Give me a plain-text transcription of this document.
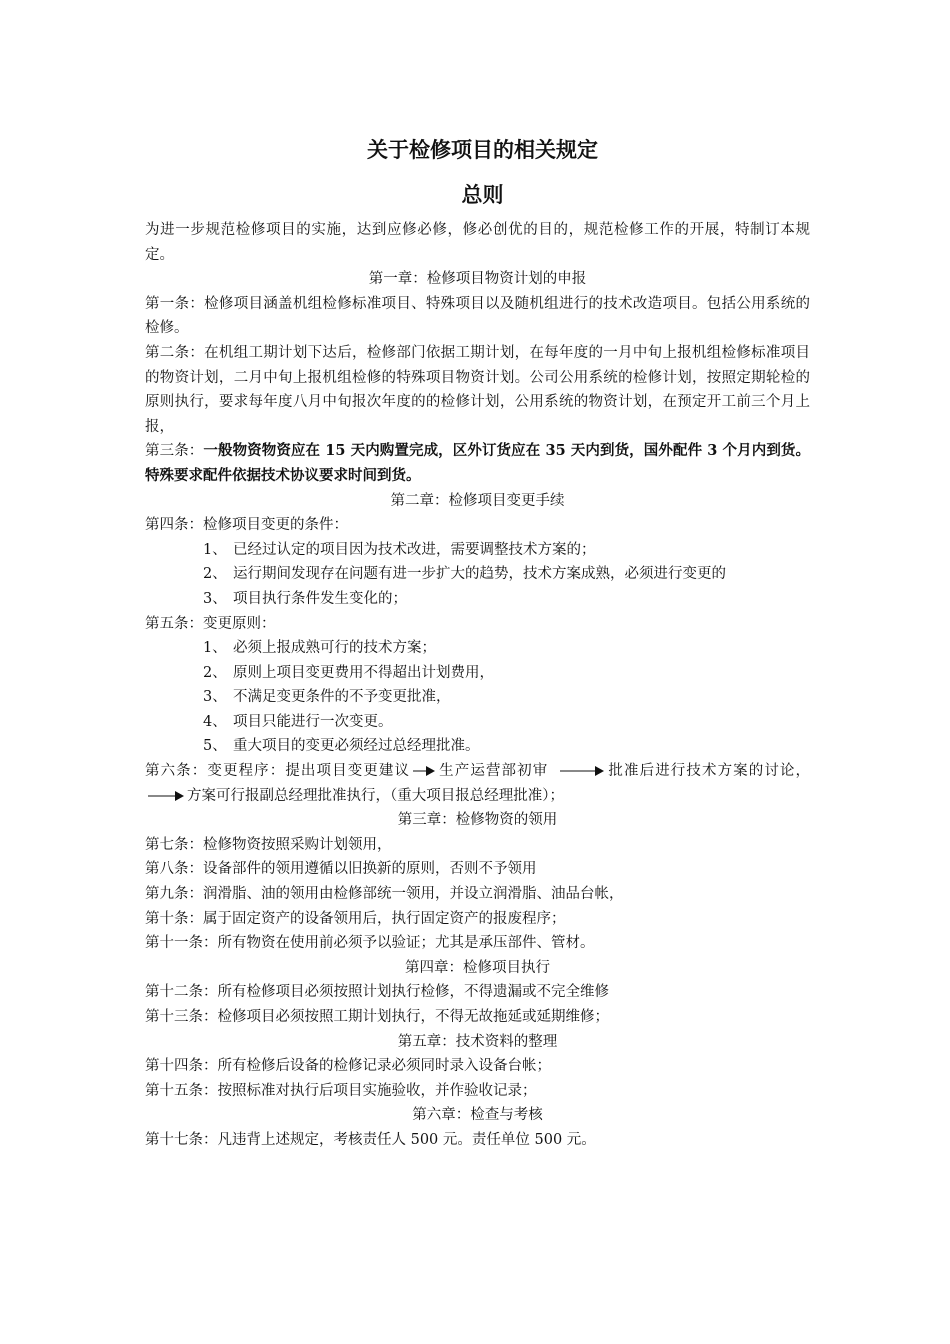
关于检修项目的相关规定
总则
为进一步规范检修项目的实施，达到应修必修，修必创优的目的，规范检修工作的开展，特制订本规定。
第一章：检修项目物资计划的申报
第一条：检修项目涵盖机组检修标准项目、特殊项目以及随机组进行的技术改造项目。包括公用系统的检修。
第二条：在机组工期计划下达后，检修部门依据工期计划，在每年度的一月中旬上报机组检修标准项目的物资计划，二月中旬上报机组检修的特殊项目物资计划。公司公用系统的检修计划，按照定期轮检的原则执行，要求每年度八月中旬报次年度的的检修计划，公用系统的物资计划，在预定开工前三个月上报，
第三条：一般物资物资应在 15 天内购置完成，区外订货应在 35 天内到货，国外配件 3 个月内到货。特殊要求配件依据技术协议要求时间到货。
第二章：检修项目变更手续
第四条：检修项目变更的条件：
1、 已经过认定的项目因为技术改进，需要调整技术方案的；
2、 运行期间发现存在问题有进一步扩大的趋势，技术方案成熟，必须进行变更的
3、 项目执行条件发生变化的；
第五条：变更原则：
1、 必须上报成熟可行的技术方案；
2、 原则上项目变更费用不得超出计划费用，
3、 不满足变更条件的不予变更批准，
4、 项目只能进行一次变更。
5、 重大项目的变更必须经过总经理批准。
第六条：变更程序：提出项目变更建议 生产运营部初审	批准后进行技术方案的讨论，方案可行报副总经理批准执行，（重大项目报总经理批准）；
第三章：检修物资的领用
第七条：检修物资按照采购计划领用，
第八条：设备部件的领用遵循以旧换新的原则，否则不予领用
第九条：润滑脂、油的领用由检修部统一领用，并设立润滑脂、油品台帐，
第十条：属于固定资产的设备领用后，执行固定资产的报废程序；
第十一条：所有物资在使用前必须予以验证；尤其是承压部件、管材。
第四章：检修项目执行
第十二条：所有检修项目必须按照计划执行检修，不得遗漏或不完全维修
第十三条：检修项目必须按照工期计划执行，不得无故拖延或延期维修；
第五章：技术资料的整理
第十四条：所有检修后设备的检修记录必须同时录入设备台帐；
第十五条：按照标准对执行后项目实施验收，并作验收记录；
第六章：检查与考核
第十七条：凡违背上述规定，考核责任人 500 元。责任单位 500 元。
